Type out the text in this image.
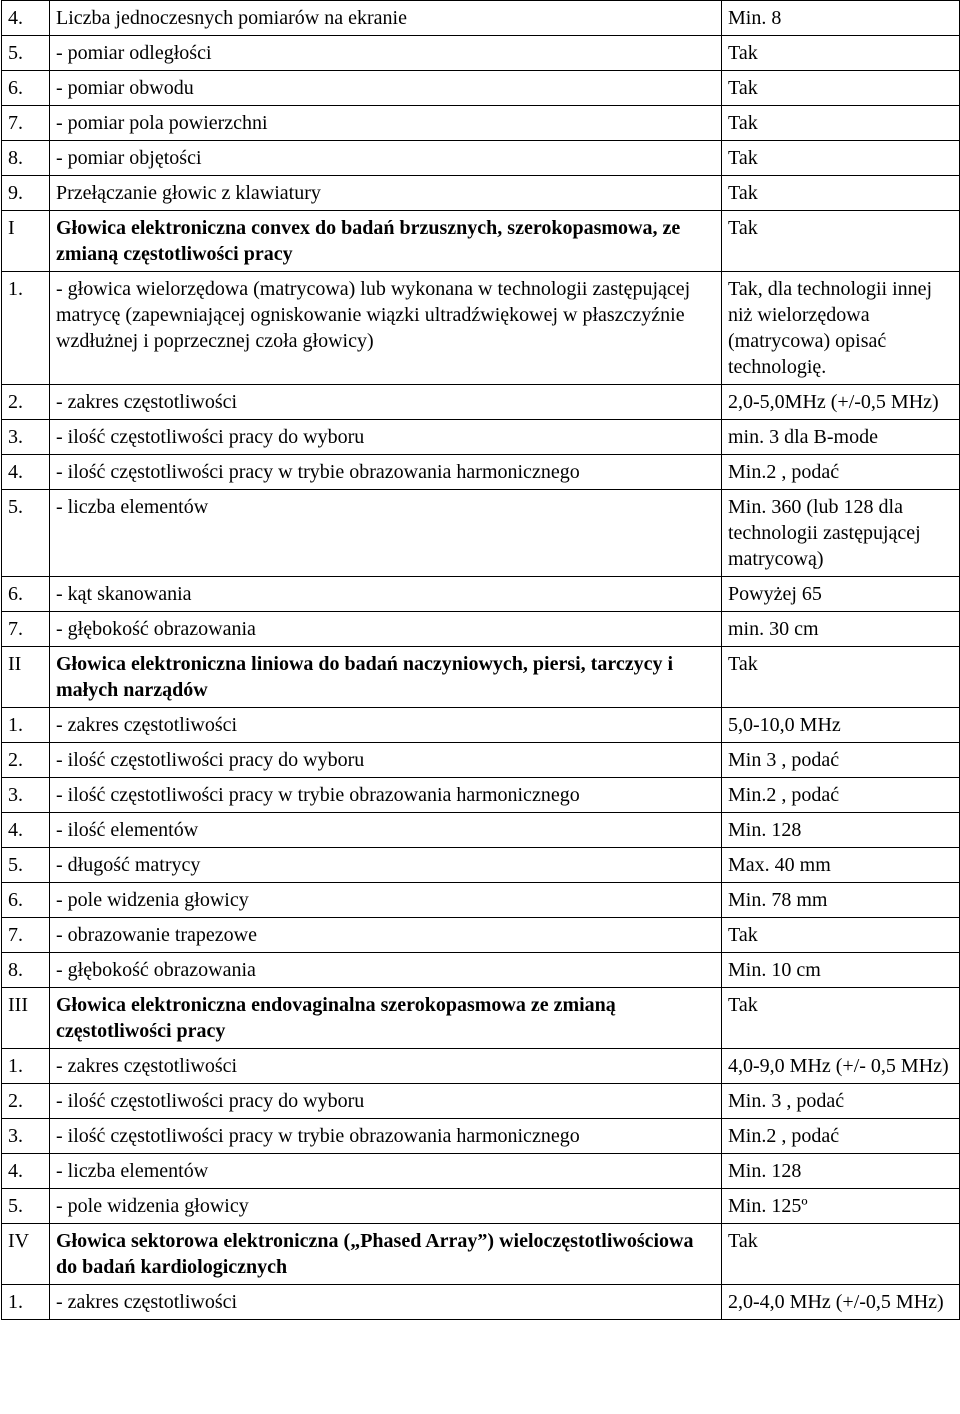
4.	Liczba jednoczesnych pomiarów na ekranie	Min. 8
5.	- pomiar odległości	Tak
6.	- pomiar obwodu	Tak
7.	- pomiar pola powierzchni	Tak
8.	- pomiar objętości	Tak
9.	Przełączanie głowic z klawiatury	Tak
I	Głowica elektroniczna convex do badań brzusznych, szerokopasmowa, ze zmianą częstotliwości pracy	Tak
1.	- głowica wielorzędowa (matrycowa) lub wykonana w technologii zastępującej matrycę (zapewniającej ogniskowanie wiązki ultradźwiękowej w płaszczyźnie wzdłużnej i poprzecznej czoła głowicy)	Tak, dla technologii innej niż wielorzędowa (matrycowa) opisać technologię.
2.	- zakres częstotliwości	2,0-5,0MHz (+/-0,5 MHz)
3.	- ilość częstotliwości pracy do wyboru	min. 3 dla B-mode
4.	- ilość częstotliwości pracy w trybie obrazowania harmonicznego	Min.2 , podać
5.	- liczba elementów	Min. 360 (lub 128 dla technologii zastępującej matrycową)
6.	- kąt skanowania	Powyżej 65
7.	- głębokość obrazowania	min. 30 cm
II	Głowica elektroniczna liniowa do badań naczyniowych, piersi, tarczycy i małych narządów	Tak
1.	- zakres częstotliwości	5,0-10,0 MHz
2.	- ilość częstotliwości pracy do wyboru	Min 3 , podać
3.	- ilość częstotliwości pracy w trybie obrazowania harmonicznego	Min.2 , podać
4.	- ilość elementów	Min. 128
5.	- długość matrycy	Max. 40 mm
6.	- pole widzenia głowicy	Min. 78 mm
7.	- obrazowanie trapezowe	Tak
8.	- głębokość obrazowania	Min. 10 cm
III	Głowica elektroniczna endovaginalna szerokopasmowa ze zmianą częstotliwości pracy	Tak
1.	- zakres częstotliwości	4,0-9,0 MHz (+/- 0,5 MHz)
2.	- ilość częstotliwości pracy do wyboru	Min. 3 , podać
3.	- ilość częstotliwości pracy w trybie obrazowania harmonicznego	Min.2 , podać
4.	- liczba elementów	Min. 128
5.	- pole widzenia głowicy	Min. 125º
IV	Głowica sektorowa elektroniczna („Phased Array”) wieloczęstotliwościowa do badań kardiologicznych	Tak
1.	- zakres częstotliwości	2,0-4,0 MHz (+/-0,5 MHz)
